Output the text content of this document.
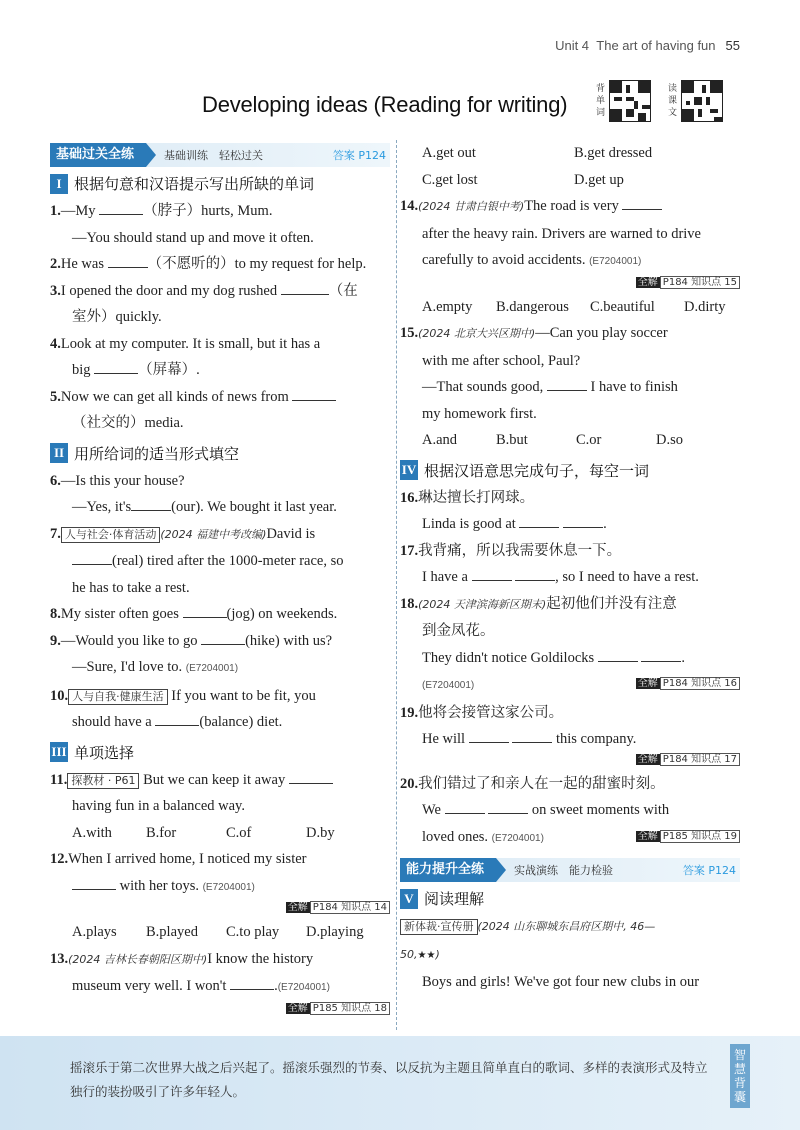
Unit 4 The art of having fun 55
Developing ideas (Reading for writing)
背
单
词
读
课
文
基础过关全练	基础训练　轻松过关	答案 P124
I 根据句意和汉语提示写出所缺的单词
1.—My	（脖子）hurts, Mum.
—You should stand up and move it often.
2.He was	（不愿听的）to my request for help.
3.I opened the door and my dog rushed	（在
室外）quickly.
4.Look at my computer. It is small, but it has a
big	（屏幕）.
5.Now we can get all kinds of news from
（社交的）media.
II 用所给词的适当形式填空
6.—Is this your house?
—Yes, it's	(our). We bought it last year.
7. 人与社会·体育活动 (2024 福建中考改编)David is
(real) tired after the 1000-meter race, so
he has to take a rest.
8.My sister often goes	(jog) on weekends.
9.—Would you like to go	(hike) with us?
—Sure, I'd love to. (E7204001)
10. 人与自我·健康生活 If you want to be fit, you
should have a	(balance) diet.
III 单项选择
11. 探教材 · P61 But we can keep it away
having fun in a balanced way.
A.with	B.for	C.of	D.by
12.When I arrived home, I noticed my sister
with her toys. (E7204001)
全解 P184 知识点 14
A.plays	B.played	C.to play	D.playing
13.(2024 吉林长春朝阳区期中)I know the history
museum very well. I won't	.(E7204001)
全解 P185 知识点 18
A.get out	B.get dressed
C.get lost	D.get up
14.(2024 甘肃白银中考)The road is very
after the heavy rain. Drivers are warned to drive
carefully to avoid accidents. (E7204001)
全解 P184 知识点 15
A.empty	B.dangerous	C.beautiful	D.dirty
15.(2024 北京大兴区期中)—Can you play soccer
with me after school, Paul?
—That sounds good,	I have to finish
my homework first.
A.and	B.but	C.or	D.so
IV 根据汉语意思完成句子，每空一词
16.琳达擅长打网球。
Linda is good at	.
17.我背痛，所以我需要休息一下。
I have a	, so I need to have a rest.
18.(2024 天津滨海新区期末)起初他们并没有注意
到金凤花。
They didn't notice Goldilocks	.
(E7204001)	全解 P184 知识点 16
19.他将会接管这家公司。
He will	this company.
全解 P184 知识点 17
20.我们错过了和亲人在一起的甜蜜时刻。
We	on sweet moments with
loved ones. (E7204001)	全解 P185 知识点 19
能力提升全练	实战演练　能力检验	答案 P124
V 阅读理解
新体裁·宣传册 (2024 山东聊城东昌府区期中, 46—
50,★★)
Boys and girls! We've got four new clubs in our
摇滚乐于第二次世界大战之后兴起了。摇滚乐强烈的节奏、以反抗为主题且简单直白的歌词、多样的表演形式及特立独行的装扮吸引了许多年轻人。
智慧背囊
